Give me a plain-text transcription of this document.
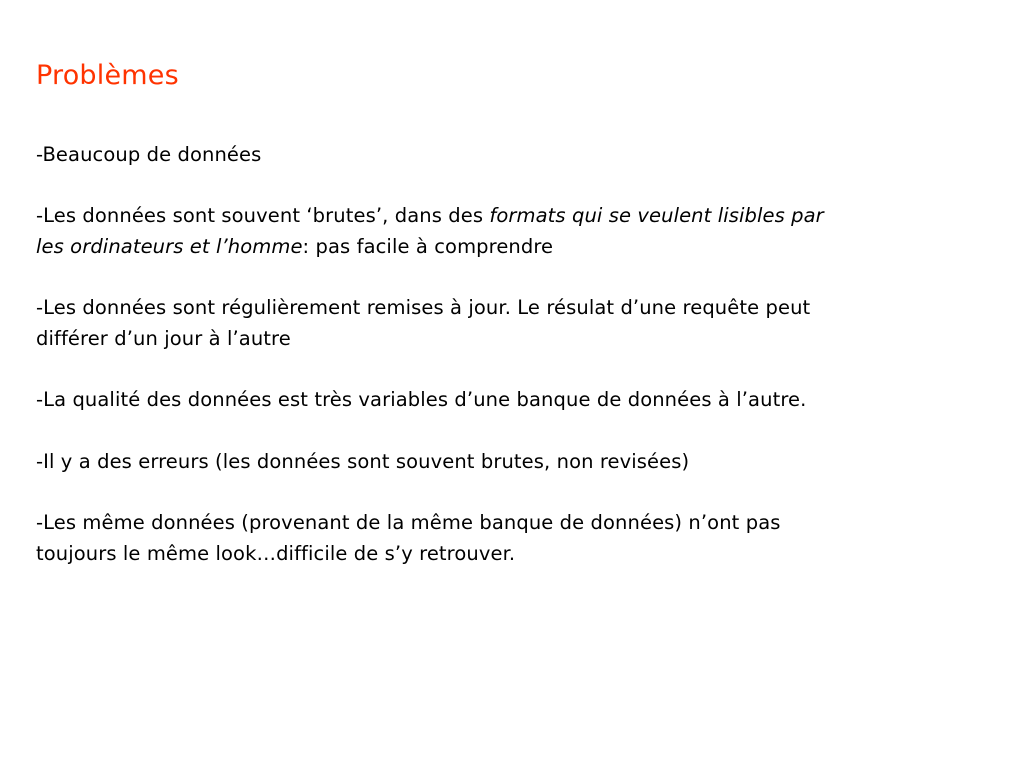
Problèmes
-Beaucoup de données
-Les données sont souvent ‘brutes’, dans des formats qui se veulent lisibles par
les ordinateurs et l’homme: pas facile à comprendre
-Les données sont régulièrement remises à jour. Le résulat d’une requête peut
différer d’un jour à l’autre
-La qualité des données est très variables d’une banque de données à l’autre.
-Il y a des erreurs (les données sont souvent brutes, non revisées)
-Les même données (provenant de la même banque de données) n’ont pas
toujours le même look…difficile de s’y retrouver.
